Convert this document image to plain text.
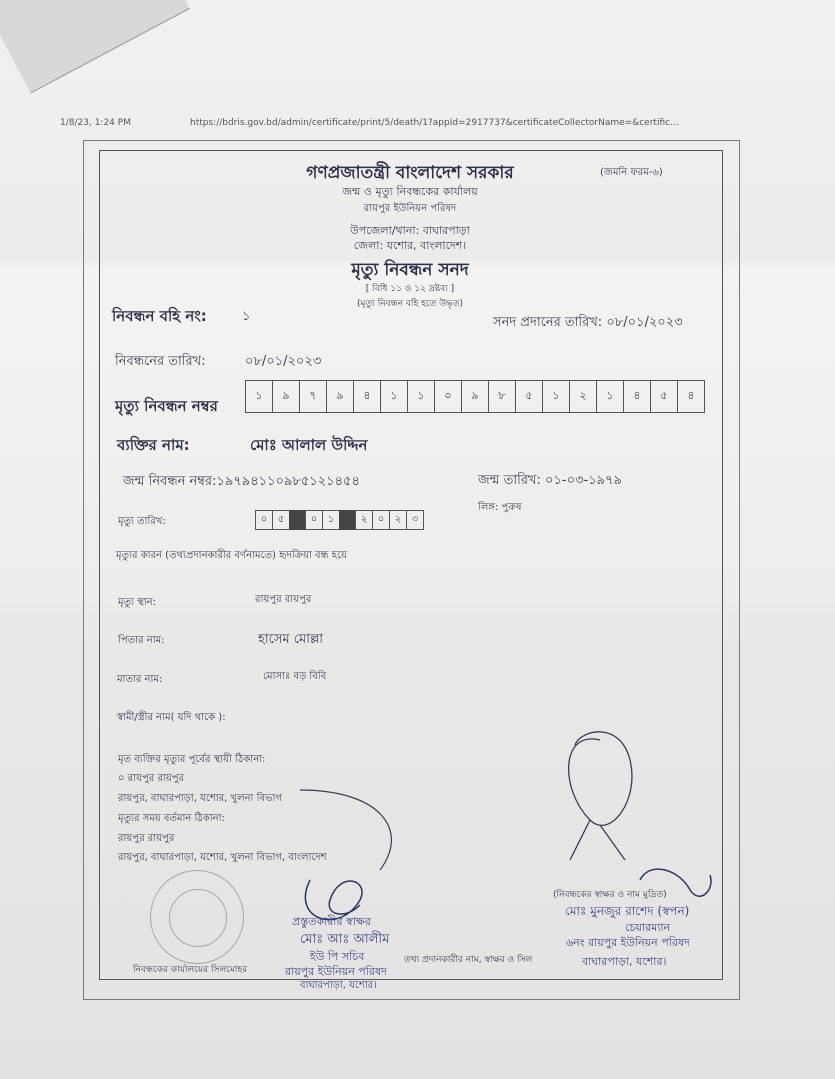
1/8/23, 1:24 PM	https://bdris.gov.bd/admin/certificate/print/5/death/1?appId=2917737&certificateCollectorName=&certific...
গণপ্রজাতন্ত্রী বাংলাদেশ সরকার	(জমনি ফরম-৬)
জন্ম ও মৃত্যু নিবন্ধকের কার্যালয়
রায়পুর ইউনিয়ন পরিষদ
উপজেলা/থানা: বাঘারপাড়া
জেলা: যশোর, বাংলাদেশ।
মৃত্যু নিবন্ধন সনদ
[ বিধি ১১ ও ১২ দ্রষ্টব্য ]
(মৃত্যু নিবন্ধন বহি হতে উদ্ধৃত)
নিবন্ধন বহি নং:	১	সনদ প্রদানের তারিখ: ০৮/০১/২০২৩
নিবন্ধনের তারিখ:	০৮/০১/২০২৩
মৃত্যু নিবন্ধন নম্বর
১	৯	৭	৯	৪	১	১	০	৯	৮	৫	১	২	১	৪	৫	৪
ব্যক্তির নাম:	মোঃ আলাল উদ্দিন
জন্ম নিবন্ধন নম্বর:১৯৭৯৪১১০৯৮৫১২১৪৫৪	জন্ম তারিখ: ০১-০৩-১৯৭৯
লিঙ্গ: পুরুষ
মৃত্যু তারিখ:	০	৫	০	১	২	০	২	৩
মৃত্যুর কারন (তথ্যপ্রদানকারীর বর্ণনামতে) হৃদক্রিয়া বন্ধ হয়ে
মৃত্যু স্থান:	রায়পুর রায়পুর
পিতার নাম:	হাসেম মোল্লা
মাতার নাম:	মোসাঃ বড় বিবি
স্বামী/স্ত্রীর নাম( যদি থাকে ):
মৃত ব্যক্তির মৃত্যুর পূর্বের স্থায়ী ঠিকানা:
০ রায়পুর রায়পুর
রায়পুর, বাঘারপাড়া, যশোর, খুলনা বিভাগ
মৃত্যুর সময় বর্তমান ঠিকানা:
রায়পুর রায়পুর
রায়পুর, বাঘারপাড়া, যশোর, খুলনা বিভাগ, বাংলাদেশ
প্রস্তুতকারীর স্বাক্ষর
মোঃ আঃ আলীম
ইউ পি সচিব
রায়পুর ইউনিয়ন পরিষদ
বাঘারপাড়া, যশোর।
নিবন্ধকের কার্যালয়ের সিলমোহর
তথ্য প্রদানকারীর নাম, স্বাক্ষর ও সিল
(নিবন্ধকের স্বাক্ষর ও নাম মুদ্রিত)
মোঃ মুনজুর রাশেদ (স্বপন)
চেয়ারম্যান
৬নং রায়পুর ইউনিয়ন পরিষদ
বাঘারপাড়া, যশোর।
